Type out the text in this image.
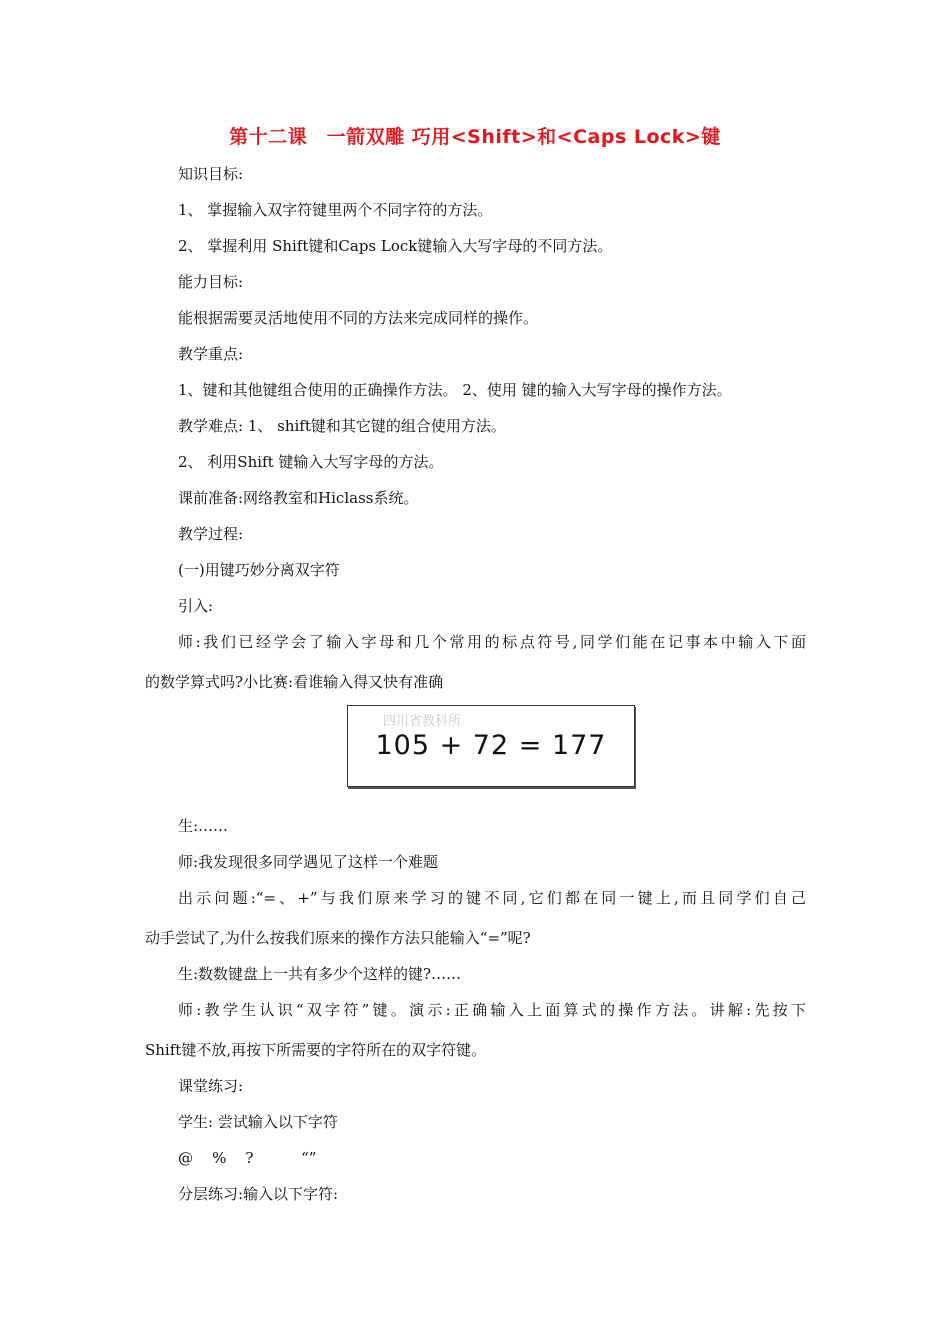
第十二课　一箭双雕 巧用<Shift>和<Caps Lock>键
知识目标:
1、 掌握输入双字符键里两个不同字符的方法。
2、 掌握利用 Shift键和Caps Lock键输入大写字母的不同方法。
能力目标:
能根据需要灵活地使用不同的方法来完成同样的操作。
教学重点:
1、键和其他键组合使用的正确操作方法。 2、使用 键的输入大写字母的操作方法。
教学难点: 1、 shift键和其它键的组合使用方法。
2、 利用Shift 键输入大写字母的方法。
课前准备:网络教室和Hiclass系统。
教学过程:
(一)用键巧妙分离双字符
引入:
师:我们已经学会了输入字母和几个常用的标点符号,同学们能在记事本中输入下面
的数学算式吗?小比赛:看谁输入得又快有准确
四川省教科所
105 + 72 = 177
生:……
师:我发现很多同学遇见了这样一个难题
出示问题:“=、+”与我们原来学习的键不同,它们都在同一键上,而且同学们自己
动手尝试了,为什么按我们原来的操作方法只能输入“=”呢?
生:数数键盘上一共有多少个这样的键?……
师:教学生认识“双字符”键。演示:正确输入上面算式的操作方法。讲解:先按下
Shift键不放,再按下所需要的字符所在的双字符键。
课堂练习:
学生: 尝试输入以下字符
@    %    ?          “”
分层练习:输入以下字符:
